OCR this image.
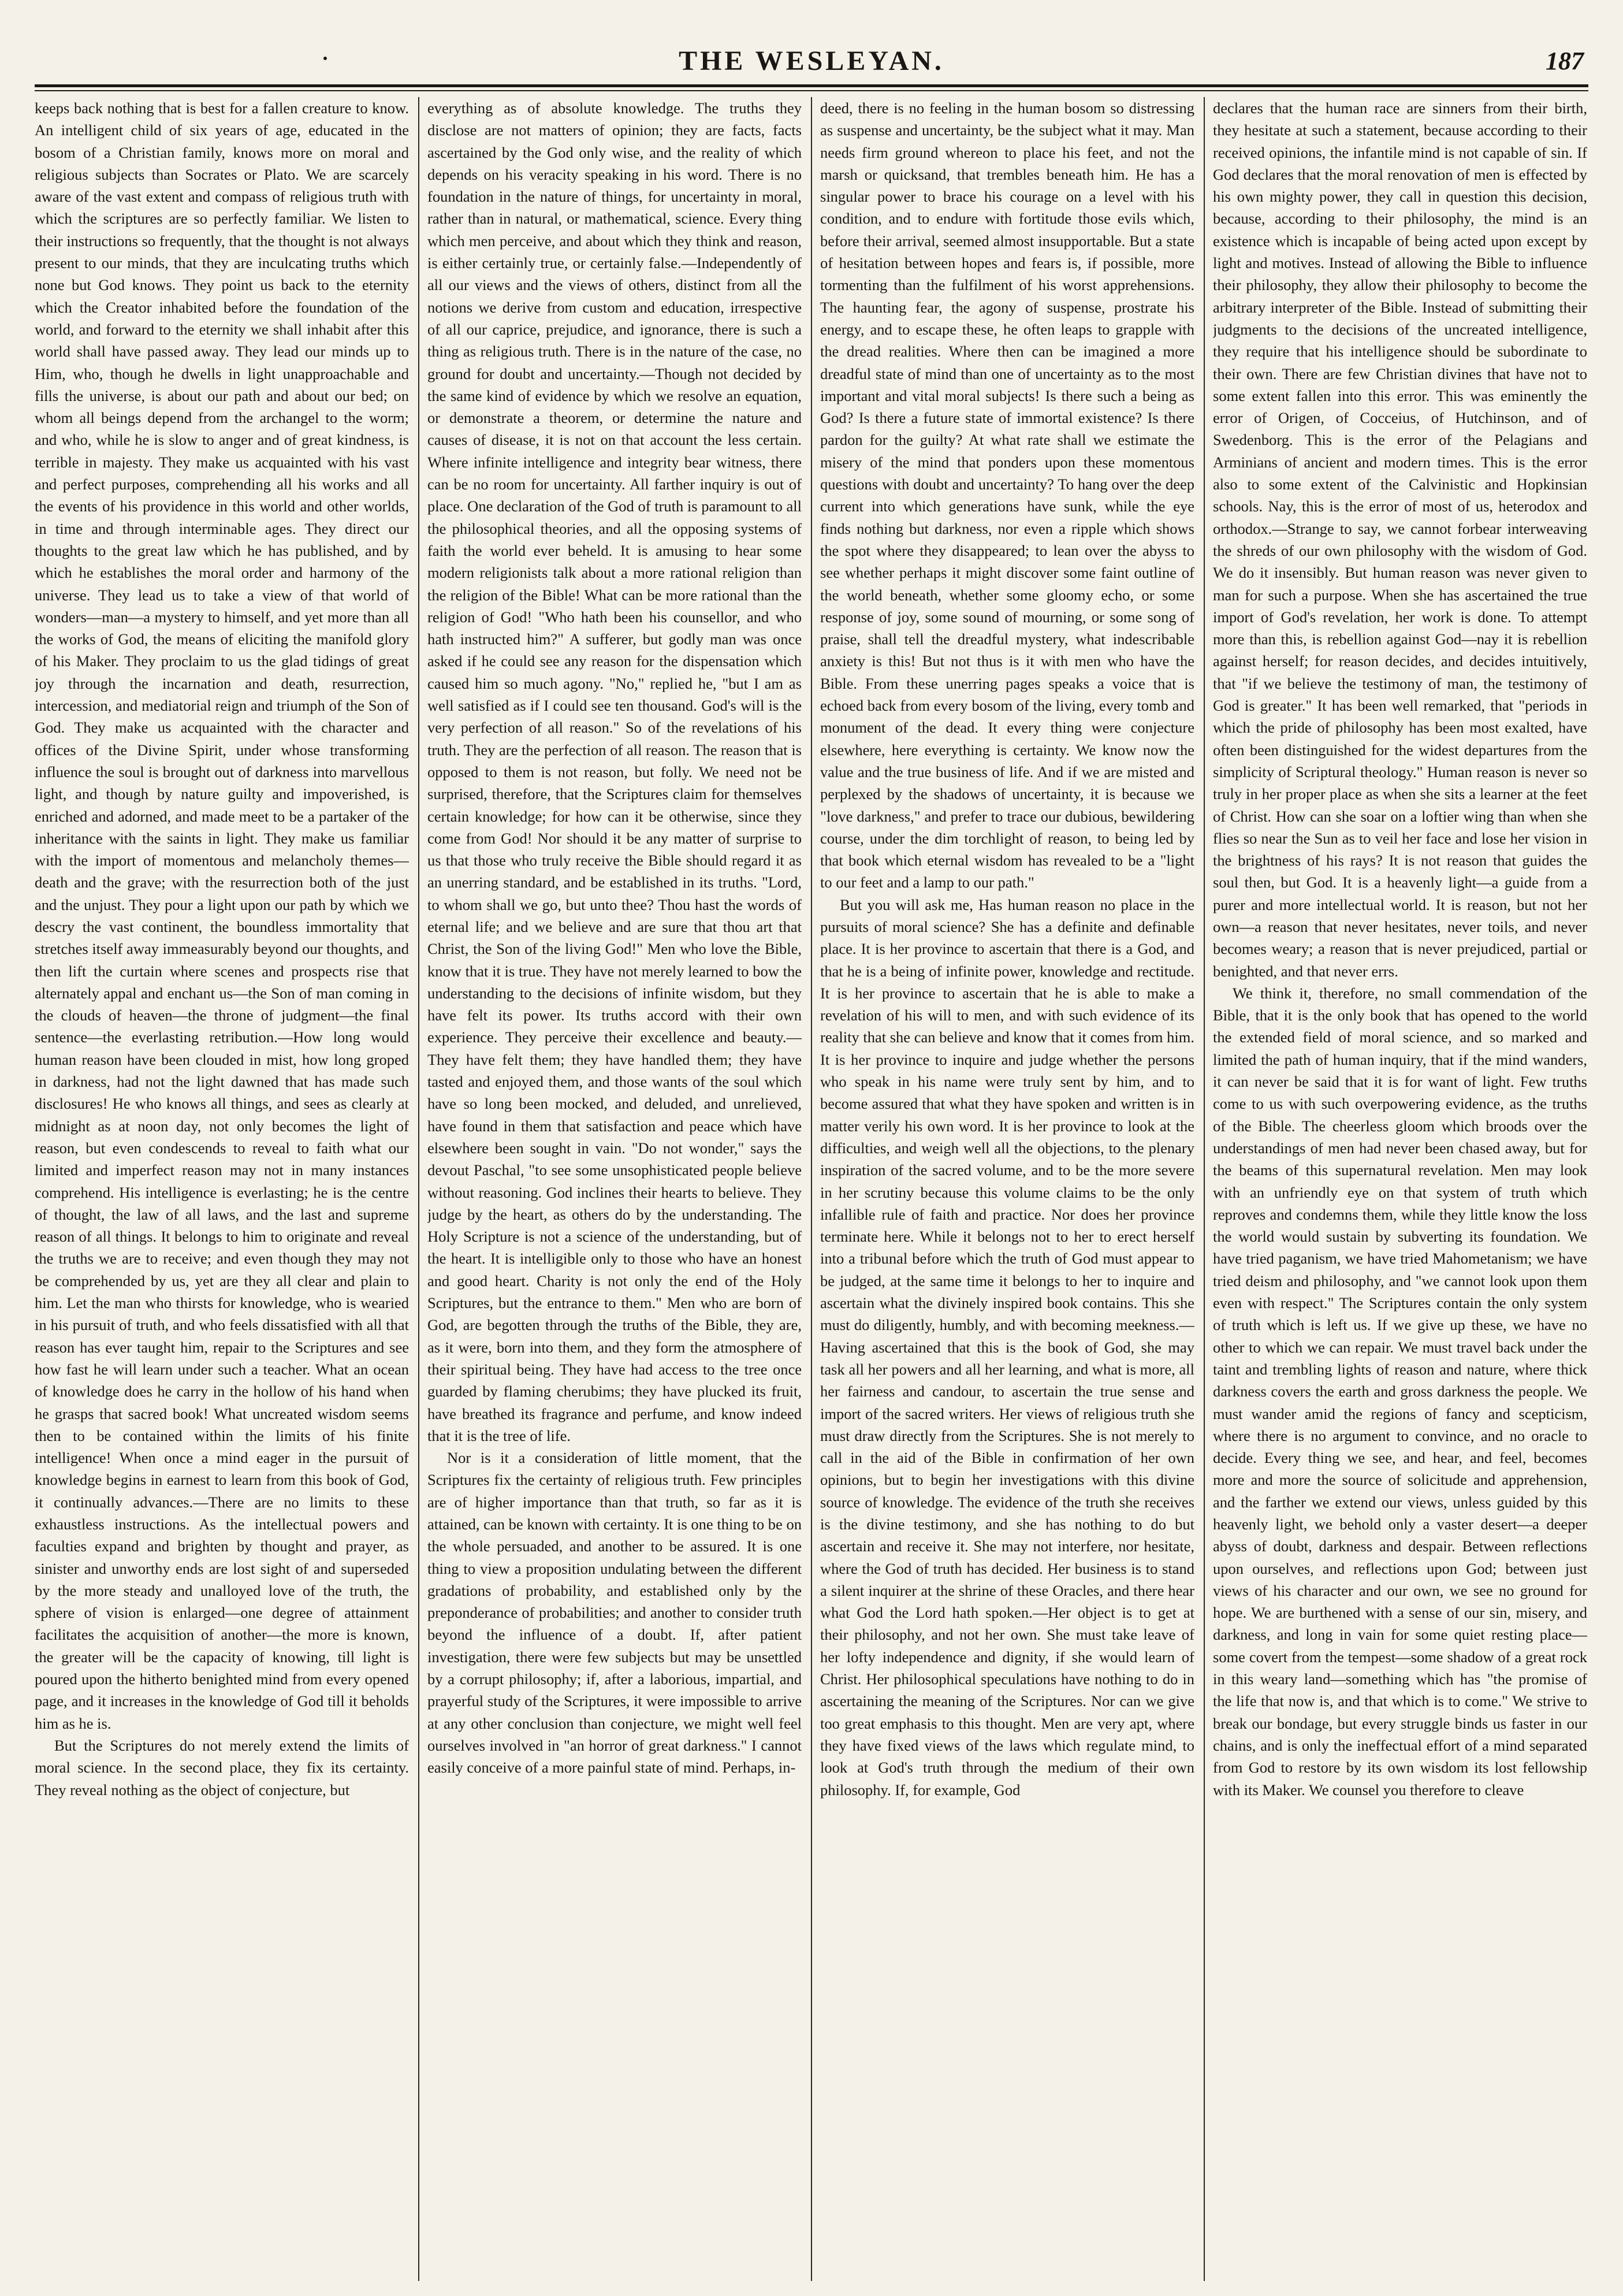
THE WESLEYAN.	187

keeps back nothing that is best for a fallen creature to know. An intelligent child of six years of age, educated in the bosom of a Christian family, knows more on moral and religious subjects than Socrates or Plato. We are scarcely aware of the vast extent and compass of religious truth with which the scriptures are so perfectly familiar. We listen to their instructions so frequently, that the thought is not always present to our minds, that they are inculcating truths which none but God knows. They point us back to the eternity which the Creator inhabited before the foundation of the world, and forward to the eternity we shall inhabit after this world shall have passed away. They lead our minds up to Him, who, though he dwells in light unapproachable and fills the universe, is about our path and about our bed; on whom all beings depend from the archangel to the worm; and who, while he is slow to anger and of great kindness, is terrible in majesty. They make us acquainted with his vast and perfect purposes, comprehending all his works and all the events of his providence in this world and other worlds, in time and through interminable ages. They direct our thoughts to the great law which he has published, and by which he establishes the moral order and harmony of the universe. They lead us to take a view of that world of wonders—man—a mystery to himself, and yet more than all the works of God, the means of eliciting the manifold glory of his Maker. They proclaim to us the glad tidings of great joy through the incarnation and death, resurrection, intercession, and mediatorial reign and triumph of the Son of God. They make us acquainted with the character and offices of the Divine Spirit, under whose transforming influence the soul is brought out of darkness into marvellous light, and though by nature guilty and impoverished, is enriched and adorned, and made meet to be a partaker of the inheritance with the saints in light. They make us familiar with the import of momentous and melancholy themes—death and the grave; with the resurrection both of the just and the unjust. They pour a light upon our path by which we descry the vast continent, the boundless immortality that stretches itself away immeasurably beyond our thoughts, and then lift the curtain where scenes and prospects rise that alternately appal and enchant us—the Son of man coming in the clouds of heaven—the throne of judgment—the final sentence—the everlasting retribution.—How long would human reason have been clouded in mist, how long groped in darkness, had not the light dawned that has made such disclosures! He who knows all things, and sees as clearly at midnight as at noon day, not only becomes the light of reason, but even condescends to reveal to faith what our limited and imperfect reason may not in many instances comprehend. His intelligence is everlasting; he is the centre of thought, the law of all laws, and the last and supreme reason of all things. It belongs to him to originate and reveal the truths we are to receive; and even though they may not be comprehended by us, yet are they all clear and plain to him. Let the man who thirsts for knowledge, who is wearied in his pursuit of truth, and who feels dissatisfied with all that reason has ever taught him, repair to the Scriptures and see how fast he will learn under such a teacher. What an ocean of knowledge does he carry in the hollow of his hand when he grasps that sacred book! What uncreated wisdom seems then to be contained within the limits of his finite intelligence! When once a mind eager in the pursuit of knowledge begins in earnest to learn from this book of God, it continually advances.—There are no limits to these exhaustless instructions. As the intellectual powers and faculties expand and brighten by thought and prayer, as sinister and unworthy ends are lost sight of and superseded by the more steady and unalloyed love of the truth, the sphere of vision is enlarged—one degree of attainment facilitates the acquisition of another—the more is known, the greater will be the capacity of knowing, till light is poured upon the hitherto benighted mind from every opened page, and it increases in the knowledge of God till it beholds him as he is.

But the Scriptures do not merely extend the limits of moral science. In the second place, they fix its certainty. They reveal nothing as the object of conjecture, but

everything as of absolute knowledge. The truths they disclose are not matters of opinion; they are facts, facts ascertained by the God only wise, and the reality of which depends on his veracity speaking in his word. There is no foundation in the nature of things, for uncertainty in moral, rather than in natural, or mathematical, science. Every thing which men perceive, and about which they think and reason, is either certainly true, or certainly false.—Independently of all our views and the views of others, distinct from all the notions we derive from custom and education, irrespective of all our caprice, prejudice, and ignorance, there is such a thing as religious truth. There is in the nature of the case, no ground for doubt and uncertainty.—Though not decided by the same kind of evidence by which we resolve an equation, or demonstrate a theorem, or determine the nature and causes of disease, it is not on that account the less certain. Where infinite intelligence and integrity bear witness, there can be no room for uncertainty. All farther inquiry is out of place. One declaration of the God of truth is paramount to all the philosophical theories, and all the opposing systems of faith the world ever beheld. It is amusing to hear some modern religionists talk about a more rational religion than the religion of the Bible! What can be more rational than the religion of God! "Who hath been his counsellor, and who hath instructed him?" A sufferer, but godly man was once asked if he could see any reason for the dispensation which caused him so much agony. "No," replied he, "but I am as well satisfied as if I could see ten thousand. God's will is the very perfection of all reason." So of the revelations of his truth. They are the perfection of all reason. The reason that is opposed to them is not reason, but folly. We need not be surprised, therefore, that the Scriptures claim for themselves certain knowledge; for how can it be otherwise, since they come from God! Nor should it be any matter of surprise to us that those who truly receive the Bible should regard it as an unerring standard, and be established in its truths. "Lord, to whom shall we go, but unto thee? Thou hast the words of eternal life; and we believe and are sure that thou art that Christ, the Son of the living God!" Men who love the Bible, know that it is true. They have not merely learned to bow the understanding to the decisions of infinite wisdom, but they have felt its power. Its truths accord with their own experience. They perceive their excellence and beauty.—They have felt them; they have handled them; they have tasted and enjoyed them, and those wants of the soul which have so long been mocked, and deluded, and unrelieved, have found in them that satisfaction and peace which have elsewhere been sought in vain. "Do not wonder," says the devout Paschal, "to see some unsophisticated people believe without reasoning. God inclines their hearts to believe. They judge by the heart, as others do by the understanding. The Holy Scripture is not a science of the understanding, but of the heart. It is intelligible only to those who have an honest and good heart. Charity is not only the end of the Holy Scriptures, but the entrance to them." Men who are born of God, are begotten through the truths of the Bible, they are, as it were, born into them, and they form the atmosphere of their spiritual being. They have had access to the tree once guarded by flaming cherubims; they have plucked its fruit, have breathed its fragrance and perfume, and know indeed that it is the tree of life.

Nor is it a consideration of little moment, that the Scriptures fix the certainty of religious truth. Few principles are of higher importance than that truth, so far as it is attained, can be known with certainty. It is one thing to be on the whole persuaded, and another to be assured. It is one thing to view a proposition undulating between the different gradations of probability, and established only by the preponderance of probabilities; and another to consider truth beyond the influence of a doubt. If, after patient investigation, there were few subjects but may be unsettled by a corrupt philosophy; if, after a laborious, impartial, and prayerful study of the Scriptures, it were impossible to arrive at any other conclusion than conjecture, we might well feel ourselves involved in "an horror of great darkness." I cannot easily conceive of a more painful state of mind. Perhaps, in-

deed, there is no feeling in the human bosom so distressing as suspense and uncertainty, be the subject what it may. Man needs firm ground whereon to place his feet, and not the marsh or quicksand, that trembles beneath him. He has a singular power to brace his courage on a level with his condition, and to endure with fortitude those evils which, before their arrival, seemed almost insupportable. But a state of hesitation between hopes and fears is, if possible, more tormenting than the fulfilment of his worst apprehensions. The haunting fear, the agony of suspense, prostrate his energy, and to escape these, he often leaps to grapple with the dread realities. Where then can be imagined a more dreadful state of mind than one of uncertainty as to the most important and vital moral subjects! Is there such a being as God? Is there a future state of immortal existence? Is there pardon for the guilty? At what rate shall we estimate the misery of the mind that ponders upon these momentous questions with doubt and uncertainty? To hang over the deep current into which generations have sunk, while the eye finds nothing but darkness, nor even a ripple which shows the spot where they disappeared; to lean over the abyss to see whether perhaps it might discover some faint outline of the world beneath, whether some gloomy echo, or some response of joy, some sound of mourning, or some song of praise, shall tell the dreadful mystery, what indescribable anxiety is this! But not thus is it with men who have the Bible. From these unerring pages speaks a voice that is echoed back from every bosom of the living, every tomb and monument of the dead. It every thing were conjecture elsewhere, here everything is certainty. We know now the value and the true business of life. And if we are misted and perplexed by the shadows of uncertainty, it is because we "love darkness," and prefer to trace our dubious, bewildering course, under the dim torchlight of reason, to being led by that book which eternal wisdom has revealed to be a "light to our feet and a lamp to our path."

But you will ask me, Has human reason no place in the pursuits of moral science? She has a definite and definable place. It is her province to ascertain that there is a God, and that he is a being of infinite power, knowledge and rectitude. It is her province to ascertain that he is able to make a revelation of his will to men, and with such evidence of its reality that she can believe and know that it comes from him. It is her province to inquire and judge whether the persons who speak in his name were truly sent by him, and to become assured that what they have spoken and written is in matter verily his own word. It is her province to look at the difficulties, and weigh well all the objections, to the plenary inspiration of the sacred volume, and to be the more severe in her scrutiny because this volume claims to be the only infallible rule of faith and practice. Nor does her province terminate here. While it belongs not to her to erect herself into a tribunal before which the truth of God must appear to be judged, at the same time it belongs to her to inquire and ascertain what the divinely inspired book contains. This she must do diligently, humbly, and with becoming meekness.—Having ascertained that this is the book of God, she may task all her powers and all her learning, and what is more, all her fairness and candour, to ascertain the true sense and import of the sacred writers. Her views of religious truth she must draw directly from the Scriptures. She is not merely to call in the aid of the Bible in confirmation of her own opinions, but to begin her investigations with this divine source of knowledge. The evidence of the truth she receives is the divine testimony, and she has nothing to do but ascertain and receive it. She may not interfere, nor hesitate, where the God of truth has decided. Her business is to stand a silent inquirer at the shrine of these Oracles, and there hear what God the Lord hath spoken.—Her object is to get at their philosophy, and not her own. She must take leave of her lofty independence and dignity, if she would learn of Christ. Her philosophical speculations have nothing to do in ascertaining the meaning of the Scriptures. Nor can we give too great emphasis to this thought. Men are very apt, where they have fixed views of the laws which regulate mind, to look at God's truth through the medium of their own philosophy. If, for example, God

declares that the human race are sinners from their birth, they hesitate at such a statement, because according to their received opinions, the infantile mind is not capable of sin. If God declares that the moral renovation of men is effected by his own mighty power, they call in question this decision, because, according to their philosophy, the mind is an existence which is incapable of being acted upon except by light and motives. Instead of allowing the Bible to influence their philosophy, they allow their philosophy to become the arbitrary interpreter of the Bible. Instead of submitting their judgments to the decisions of the uncreated intelligence, they require that his intelligence should be subordinate to their own. There are few Christian divines that have not to some extent fallen into this error. This was eminently the error of Origen, of Cocceius, of Hutchinson, and of Swedenborg. This is the error of the Pelagians and Arminians of ancient and modern times. This is the error also to some extent of the Calvinistic and Hopkinsian schools. Nay, this is the error of most of us, heterodox and orthodox.—Strange to say, we cannot forbear interweaving the shreds of our own philosophy with the wisdom of God. We do it insensibly. But human reason was never given to man for such a purpose. When she has ascertained the true import of God's revelation, her work is done. To attempt more than this, is rebellion against God—nay it is rebellion against herself; for reason decides, and decides intuitively, that "if we believe the testimony of man, the testimony of God is greater." It has been well remarked, that "periods in which the pride of philosophy has been most exalted, have often been distinguished for the widest departures from the simplicity of Scriptural theology." Human reason is never so truly in her proper place as when she sits a learner at the feet of Christ. How can she soar on a loftier wing than when she flies so near the Sun as to veil her face and lose her vision in the brightness of his rays? It is not reason that guides the soul then, but God. It is a heavenly light—a guide from a purer and more intellectual world. It is reason, but not her own—a reason that never hesitates, never toils, and never becomes weary; a reason that is never prejudiced, partial or benighted, and that never errs.

We think it, therefore, no small commendation of the Bible, that it is the only book that has opened to the world the extended field of moral science, and so marked and limited the path of human inquiry, that if the mind wanders, it can never be said that it is for want of light. Few truths come to us with such overpowering evidence, as the truths of the Bible. The cheerless gloom which broods over the understandings of men had never been chased away, but for the beams of this supernatural revelation. Men may look with an unfriendly eye on that system of truth which reproves and condemns them, while they little know the loss the world would sustain by subverting its foundation. We have tried paganism, we have tried Mahometanism; we have tried deism and philosophy, and "we cannot look upon them even with respect." The Scriptures contain the only system of truth which is left us. If we give up these, we have no other to which we can repair. We must travel back under the taint and trembling lights of reason and nature, where thick darkness covers the earth and gross darkness the people. We must wander amid the regions of fancy and scepticism, where there is no argument to convince, and no oracle to decide. Every thing we see, and hear, and feel, becomes more and more the source of solicitude and apprehension, and the farther we extend our views, unless guided by this heavenly light, we behold only a vaster desert—a deeper abyss of doubt, darkness and despair. Between reflections upon ourselves, and reflections upon God; between just views of his character and our own, we see no ground for hope. We are burthened with a sense of our sin, misery, and darkness, and long in vain for some quiet resting place—some covert from the tempest—some shadow of a great rock in this weary land—something which has "the promise of the life that now is, and that which is to come." We strive to break our bondage, but every struggle binds us faster in our chains, and is only the ineffectual effort of a mind separated from God to restore by its own wisdom its lost fellowship with its Maker. We counsel you therefore to cleave
